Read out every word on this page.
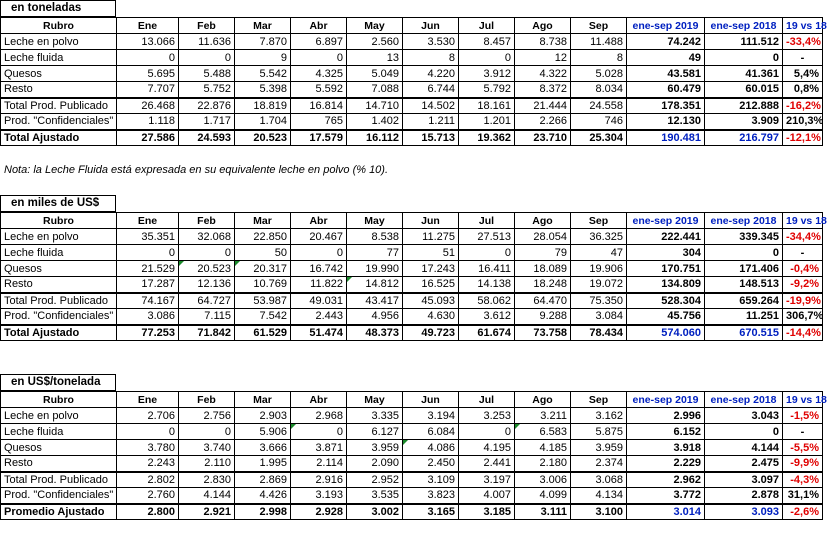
en toneladas
Rubro	Ene	Feb	Mar	Abr	May	Jun	Jul	Ago	Sep	ene-sep 2019	ene-sep 2018	19 vs 18
Leche en polvo	13.066	11.636	7.870	6.897	2.560	3.530	8.457	8.738	11.488	74.242	111.512	-33,4%
Leche fluida	0	0	9	0	13	8	0	12	8	49	0	-
Quesos	5.695	5.488	5.542	4.325	5.049	4.220	3.912	4.322	5.028	43.581	41.361	5,4%
Resto	7.707	5.752	5.398	5.592	7.088	6.744	5.792	8.372	8.034	60.479	60.015	0,8%
Total Prod. Publicado	26.468	22.876	18.819	16.814	14.710	14.502	18.161	21.444	24.558	178.351	212.888	-16,2%
Prod. "Confidenciales"	1.118	1.717	1.704	765	1.402	1.211	1.201	2.266	746	12.130	3.909	210,3%
Total Ajustado	27.586	24.593	20.523	17.579	16.112	15.713	19.362	23.710	25.304	190.481	216.797	-12,1%
Nota: la Leche Fluida está expresada en su equivalente leche en polvo (% 10).
en miles de US$
Rubro	Ene	Feb	Mar	Abr	May	Jun	Jul	Ago	Sep	ene-sep 2019	ene-sep 2018	19 vs 18
Leche en polvo	35.351	32.068	22.850	20.467	8.538	11.275	27.513	28.054	36.325	222.441	339.345	-34,4%
Leche fluida	0	0	50	0	77	51	0	79	47	304	0	-
Quesos	21.529	20.523	20.317	16.742	19.990	17.243	16.411	18.089	19.906	170.751	171.406	-0,4%
Resto	17.287	12.136	10.769	11.822	14.812	16.525	14.138	18.248	19.072	134.809	148.513	-9,2%
Total Prod. Publicado	74.167	64.727	53.987	49.031	43.417	45.093	58.062	64.470	75.350	528.304	659.264	-19,9%
Prod. "Confidenciales"	3.086	7.115	7.542	2.443	4.956	4.630	3.612	9.288	3.084	45.756	11.251	306,7%
Total Ajustado	77.253	71.842	61.529	51.474	48.373	49.723	61.674	73.758	78.434	574.060	670.515	-14,4%
en US$/tonelada
Rubro	Ene	Feb	Mar	Abr	May	Jun	Jul	Ago	Sep	ene-sep 2019	ene-sep 2018	19 vs 18
Leche en polvo	2.706	2.756	2.903	2.968	3.335	3.194	3.253	3.211	3.162	2.996	3.043	-1,5%
Leche fluida	0	0	5.906	0	6.127	6.084	0	6.583	5.875	6.152	0	-
Quesos	3.780	3.740	3.666	3.871	3.959	4.086	4.195	4.185	3.959	3.918	4.144	-5,5%
Resto	2.243	2.110	1.995	2.114	2.090	2.450	2.441	2.180	2.374	2.229	2.475	-9,9%
Total Prod. Publicado	2.802	2.830	2.869	2.916	2.952	3.109	3.197	3.006	3.068	2.962	3.097	-4,3%
Prod. "Confidenciales"	2.760	4.144	4.426	3.193	3.535	3.823	4.007	4.099	4.134	3.772	2.878	31,1%
Promedio Ajustado	2.800	2.921	2.998	2.928	3.002	3.165	3.185	3.111	3.100	3.014	3.093	-2,6%
